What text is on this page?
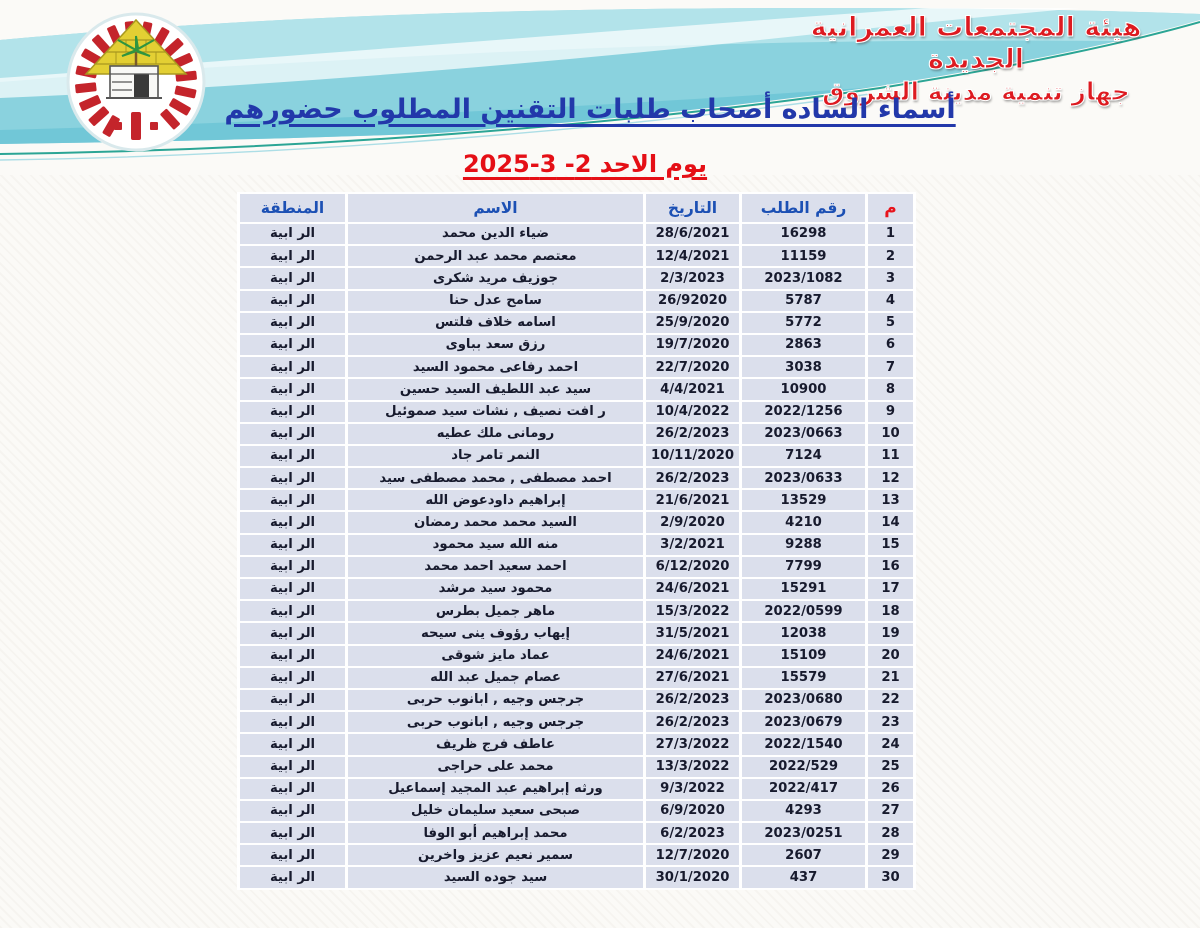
هيئة المجتمعات العمرانية الجديدة
جهاز تنمية مدينة الشروق
أسماء الساده أصحاب طلبات التقنين المطلوب حضورهم
يوم الاحد 2- 3-2025
م	رقم الطلب	التاريخ	الاسم	المنطقة
1	16298	28/6/2021	ضياء الدين محمد	الر ابية
2	11159	12/4/2021	معتصم محمد عبد الرحمن	الر ابية
3	2023/1082	2/3/2023	جوزيف مريد شكرى	الر ابية
4	5787	26/92020	سامح عدل حنا	الر ابية
5	5772	25/9/2020	اسامه خلاف فلتس	الر ابية
6	2863	19/7/2020	رزق سعد بباوى	الر ابية
7	3038	22/7/2020	احمد رفاعى محمود السيد	الر ابية
8	10900	4/4/2021	سيد عبد اللطيف السيد حسين	الر ابية
9	2022/1256	10/4/2022	ر افت نصيف , نشات سيد صموئيل	الر ابية
10	2023/0663	26/2/2023	رومانى ملك عطيه	الر ابية
11	7124	10/11/2020	النمر تامر جاد	الر ابية
12	2023/0633	26/2/2023	احمد مصطفى , محمد مصطفى سيد	الر ابية
13	13529	21/6/2021	إبراهيم داودعوض الله	الر ابية
14	4210	2/9/2020	السيد محمد محمد رمضان	الر ابية
15	9288	3/2/2021	منه الله سيد محمود	الر ابية
16	7799	6/12/2020	احمد سعيد احمد محمد	الر ابية
17	15291	24/6/2021	محمود سيد مرشد	الر ابية
18	2022/0599	15/3/2022	ماهر جميل بطرس	الر ابية
19	12038	31/5/2021	إيهاب رؤوف ينى سيحه	الر ابية
20	15109	24/6/2021	عماد مايز شوقى	الر ابية
21	15579	27/6/2021	عصام جميل عبد الله	الر ابية
22	2023/0680	26/2/2023	جرجس وجيه , ابانوب حربى	الر ابية
23	2023/0679	26/2/2023	جرجس وجيه , ابانوب حربى	الر ابية
24	2022/1540	27/3/2022	عاطف فرج ظريف	الر ابية
25	2022/529	13/3/2022	محمد على حراجى	الر ابية
26	2022/417	9/3/2022	ورثه إبراهيم عبد المجيد إسماعيل	الر ابية
27	4293	6/9/2020	صبحى سعيد سليمان خليل	الر ابية
28	2023/0251	6/2/2023	محمد إبراهيم أبو الوفا	الر ابية
29	2607	12/7/2020	سمير نعيم عزيز واخرين	الر ابية
30	437	30/1/2020	سيد جوده السيد	الر ابية
